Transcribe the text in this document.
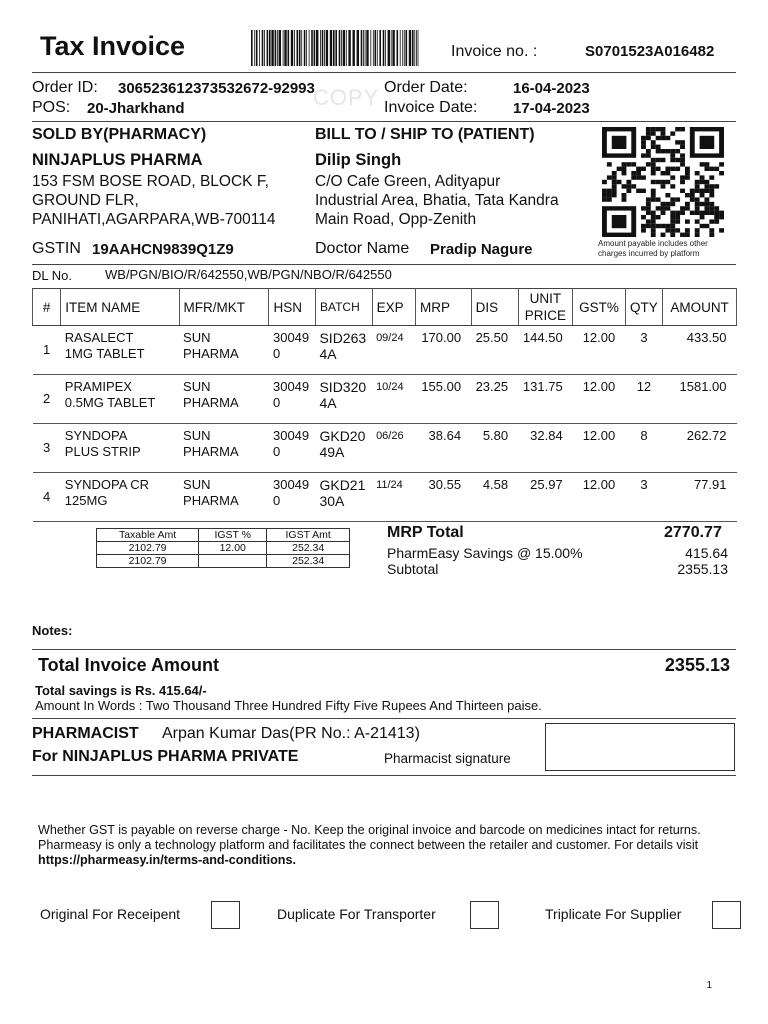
Tax Invoice	Invoice no. :	S0701523A016482
Order ID: 306523612373532672-92993
COPY Order Date:	16-04-2023
POS: 20-Jharkhand	Invoice Date: 17-04-2023
SOLD BY(PHARMACY)
NINJAPLUS PHARMA
153 FSM BOSE ROAD, BLOCK F,
GROUND FLR,
PANIHATI,AGARPARA,WB-700114
GSTIN 19AAHCN9839Q1Z9
BILL TO / SHIP TO (PATIENT)
Dilip Singh
C/O Cafe Green, Adityapur
Industrial Area, Bhatia, Tata Kandra
Main Road, Opp-Zenith
Doctor Name Pradip Nagure	Amount payable includes other
charges incurred by platform
DL No.	WB/PGN/BIO/R/642550,WB/PGN/NBO/R/642550
#	ITEM NAME	MFR/MKT	HSN	BATCH	EXP	MRP	DIS	UNIT
PRICE	GST%	QTY	AMOUNT
1	RASALECT
1MG TABLET	SUN
PHARMA	30049
0	SID263
4A	09/24	170.00	25.50	144.50	12.00	3	433.50
2	PRAMIPEX
0.5MG TABLET	SUN
PHARMA	30049
0	SID320
4A	10/24	155.00	23.25	131.75	12.00	12	1581.00
3	SYNDOPA
PLUS STRIP	SUN
PHARMA	30049
0	GKD20
49A	06/26	38.64	5.80	32.84	12.00	8	262.72
4	SYNDOPA CR
125MG	SUN
PHARMA	30049
0	GKD21
30A	11/24	30.55	4.58	25.97	12.00	3	77.91
Taxable Amt	IGST %	IGST Amt
2102.79	12.00	252.34
2102.79		252.34
MRP Total	2770.77
PharmEasy Savings @ 15.00%	415.64
Subtotal	2355.13
Notes:
Total Invoice Amount	2355.13
Total savings is Rs. 415.64/-
Amount In Words : Two Thousand Three Hundred Fifty Five Rupees And Thirteen paise.
PHARMACIST Arpan Kumar Das(PR No.: A-21413)
For NINJAPLUS PHARMA PRIVATE	Pharmacist signature
Whether GST is payable on reverse charge - No. Keep the original invoice and barcode on medicines intact for returns. Pharmeasy is only a technology platform and facilitates the connect between the retailer and customer. For details visit https://pharmeasy.in/terms-and-conditions.
Original For Receipent	Duplicate For Transporter	Triplicate For Supplier
1
